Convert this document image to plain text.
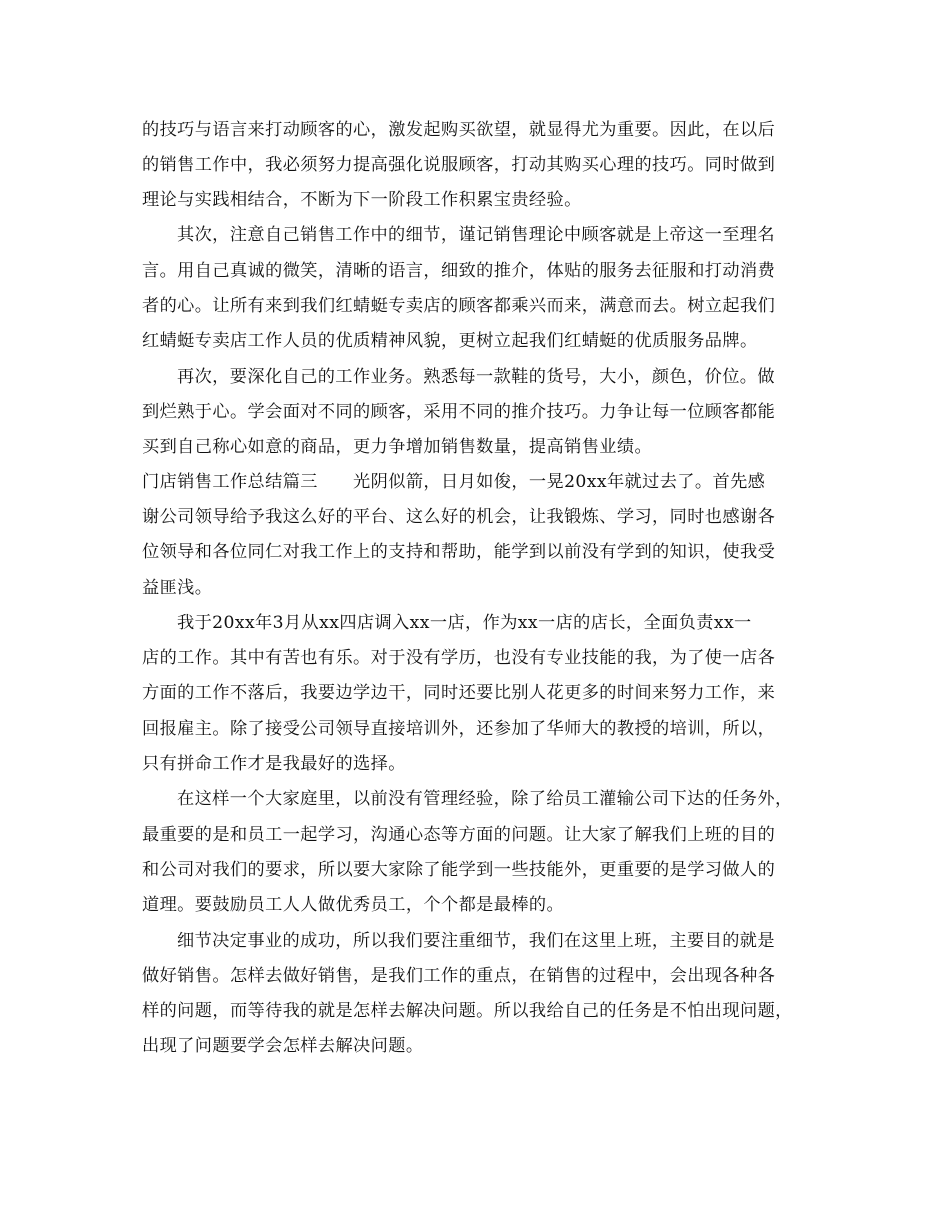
的技巧与语言来打动顾客的心，激发起购买欲望，就显得尤为重要。因此，在以后
的销售工作中，我必须努力提高强化说服顾客，打动其购买心理的技巧。同时做到
理论与实践相结合，不断为下一阶段工作积累宝贵经验。
其次，注意自己销售工作中的细节，谨记销售理论中顾客就是上帝这一至理名
言。用自己真诚的微笑，清晰的语言，细致的推介，体贴的服务去征服和打动消费
者的心。让所有来到我们红蜻蜓专卖店的顾客都乘兴而来，满意而去。树立起我们
红蜻蜓专卖店工作人员的优质精神风貌，更树立起我们红蜻蜓的优质服务品牌。
再次，要深化自己的工作业务。熟悉每一款鞋的货号，大小，颜色，价位。做
到烂熟于心。学会面对不同的顾客，采用不同的推介技巧。力争让每一位顾客都能
买到自己称心如意的商品，更力争增加销售数量，提高销售业绩。
门店销售工作总结篇三　　光阴似箭，日月如俊，一晃20xx年就过去了。首先感
谢公司领导给予我这么好的平台、这么好的机会，让我锻炼、学习，同时也感谢各
位领导和各位同仁对我工作上的支持和帮助，能学到以前没有学到的知识，使我受
益匪浅。
我于20xx年3月从xx四店调入xx一店，作为xx一店的店长，全面负责xx一
店的工作。其中有苦也有乐。对于没有学历，也没有专业技能的我，为了使一店各
方面的工作不落后，我要边学边干，同时还要比别人花更多的时间来努力工作，来
回报雇主。除了接受公司领导直接培训外，还参加了华师大的教授的培训，所以，
只有拼命工作才是我最好的选择。
在这样一个大家庭里，以前没有管理经验，除了给员工灌输公司下达的任务外，
最重要的是和员工一起学习，沟通心态等方面的问题。让大家了解我们上班的目的
和公司对我们的要求，所以要大家除了能学到一些技能外，更重要的是学习做人的
道理。要鼓励员工人人做优秀员工，个个都是最棒的。
细节决定事业的成功，所以我们要注重细节，我们在这里上班，主要目的就是
做好销售。怎样去做好销售，是我们工作的重点，在销售的过程中，会出现各种各
样的问题，而等待我的就是怎样去解决问题。所以我给自己的任务是不怕出现问题，
出现了问题要学会怎样去解决问题。
